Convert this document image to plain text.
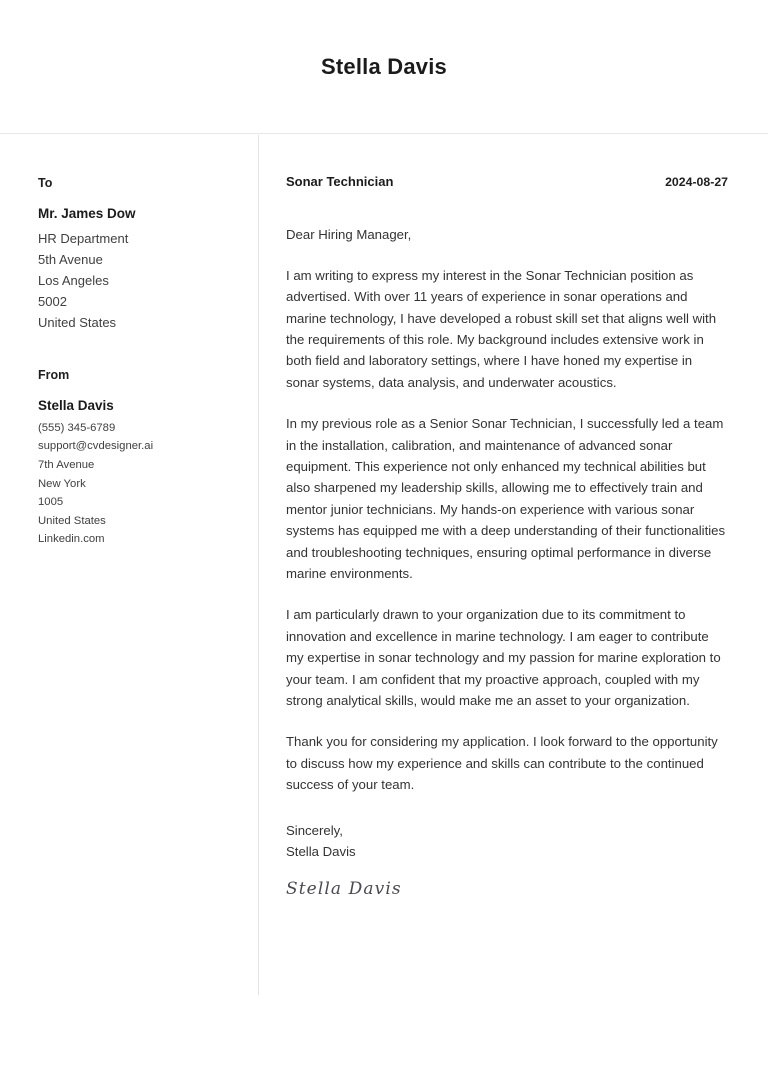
Stella Davis
To
Mr. James Dow
HR Department
5th Avenue
Los Angeles
5002
United States
From
Stella Davis
(555) 345-6789
support@cvdesigner.ai
7th Avenue
New York
1005
United States
Linkedin.com
Sonar Technician	2024-08-27

Dear Hiring Manager,

I am writing to express my interest in the Sonar Technician position as advertised. With over 11 years of experience in sonar operations and marine technology, I have developed a robust skill set that aligns well with the requirements of this role. My background includes extensive work in both field and laboratory settings, where I have honed my expertise in sonar systems, data analysis, and underwater acoustics.

In my previous role as a Senior Sonar Technician, I successfully led a team in the installation, calibration, and maintenance of advanced sonar equipment. This experience not only enhanced my technical abilities but also sharpened my leadership skills, allowing me to effectively train and mentor junior technicians. My hands-on experience with various sonar systems has equipped me with a deep understanding of their functionalities and troubleshooting techniques, ensuring optimal performance in diverse marine environments.

I am particularly drawn to your organization due to its commitment to innovation and excellence in marine technology. I am eager to contribute my expertise in sonar technology and my passion for marine exploration to your team. I am confident that my proactive approach, coupled with my strong analytical skills, would make me an asset to your organization.

Thank you for considering my application. I look forward to the opportunity to discuss how my experience and skills can contribute to the continued success of your team.

Sincerely,
Stella Davis
Stella Davis
